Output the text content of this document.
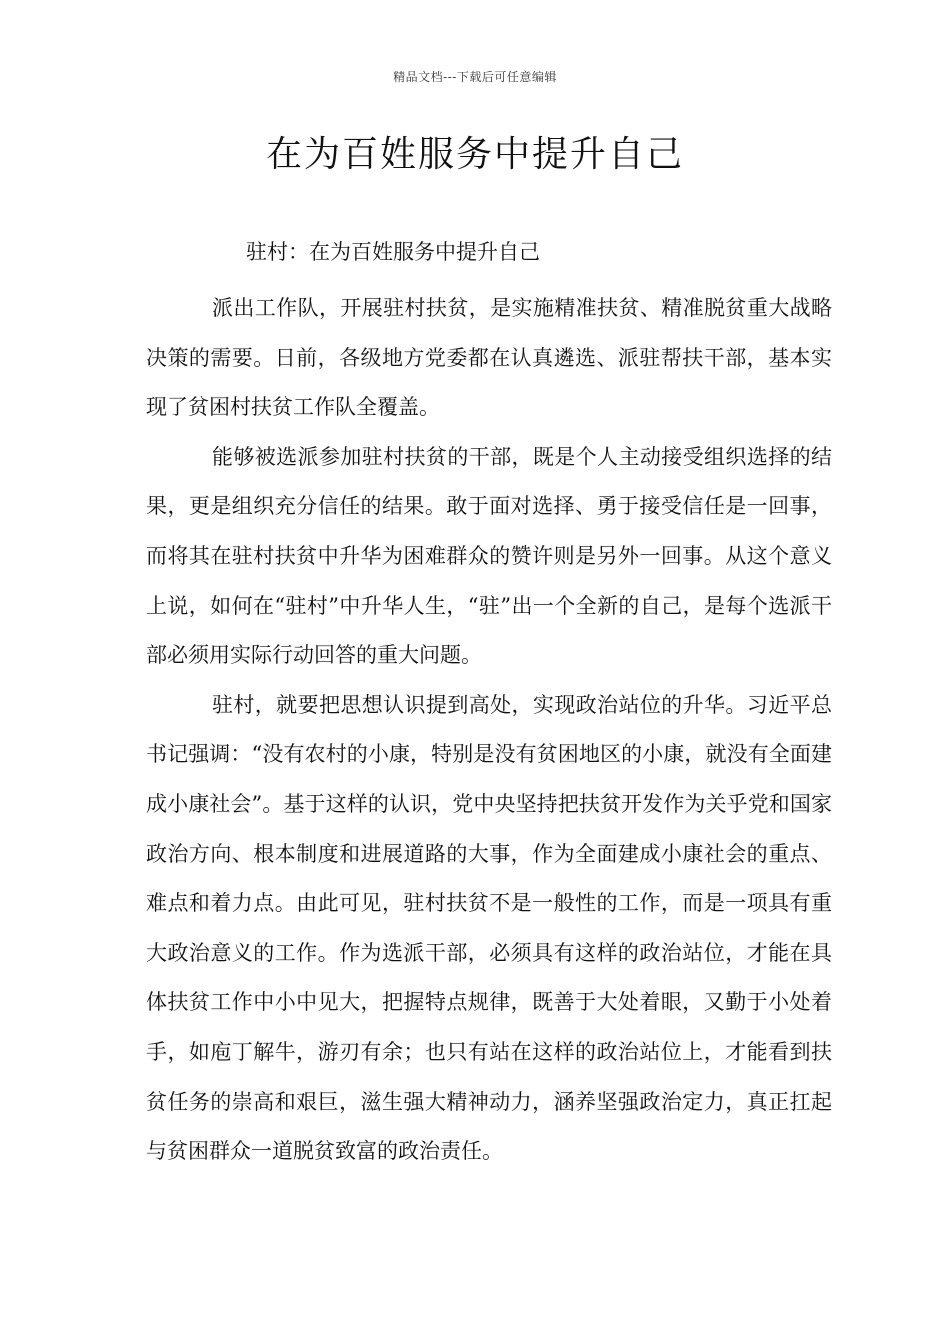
精品文档---下载后可任意编辑
在为百姓服务中提升自己

驻村：在为百姓服务中提升自己

派出工作队，开展驻村扶贫，是实施精准扶贫、精准脱贫重大战略决策的需要。日前，各级地方党委都在认真遴选、派驻帮扶干部，基本实现了贫困村扶贫工作队全覆盖。

能够被选派参加驻村扶贫的干部，既是个人主动接受组织选择的结果，更是组织充分信任的结果。敢于面对选择、勇于接受信任是一回事，而将其在驻村扶贫中升华为困难群众的赞许则是另外一回事。从这个意义上说，如何在“驻村”中升华人生，“驻”出一个全新的自己，是每个选派干部必须用实际行动回答的重大问题。

驻村，就要把思想认识提到高处，实现政治站位的升华。习近平总书记强调：“没有农村的小康，特别是没有贫困地区的小康，就没有全面建成小康社会”。基于这样的认识，党中央坚持把扶贫开发作为关乎党和国家政治方向、根本制度和进展道路的大事，作为全面建成小康社会的重点、难点和着力点。由此可见，驻村扶贫不是一般性的工作，而是一项具有重大政治意义的工作。作为选派干部，必须具有这样的政治站位，才能在具体扶贫工作中小中见大，把握特点规律，既善于大处着眼，又勤于小处着手，如庖丁解牛，游刃有余；也只有站在这样的政治站位上，才能看到扶贫任务的崇高和艰巨，滋生强大精神动力，涵养坚强政治定力，真正扛起与贫困群众一道脱贫致富的政治责任。
